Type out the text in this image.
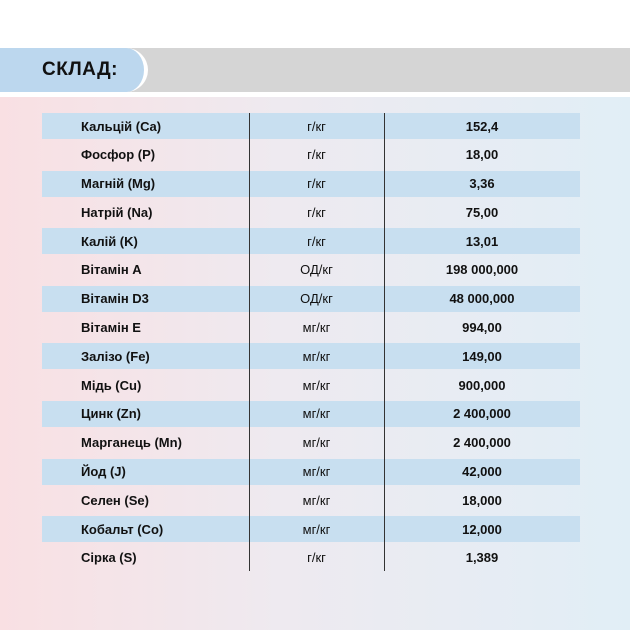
СКЛАД:
Кальцій (Ca)	г/кг	152,4
Фосфор (P)	г/кг	18,00
Магній (Mg)	г/кг	3,36
Натрій (Na)	г/кг	75,00
Калій (K)	г/кг	13,01
Вітамін А	ОД/кг	198 000,000
Вітамін D3	ОД/кг	48 000,000
Вітамін Е	мг/кг	994,00
Залізо (Fe)	мг/кг	149,00
Мідь (Cu)	мг/кг	900,000
Цинк (Zn)	мг/кг	2 400,000
Марганець (Mn)	мг/кг	2 400,000
Йод (J)	мг/кг	42,000
Селен (Se)	мг/кг	18,000
Кобальт (Co)	мг/кг	12,000
Сірка (S)	г/кг	1,389
